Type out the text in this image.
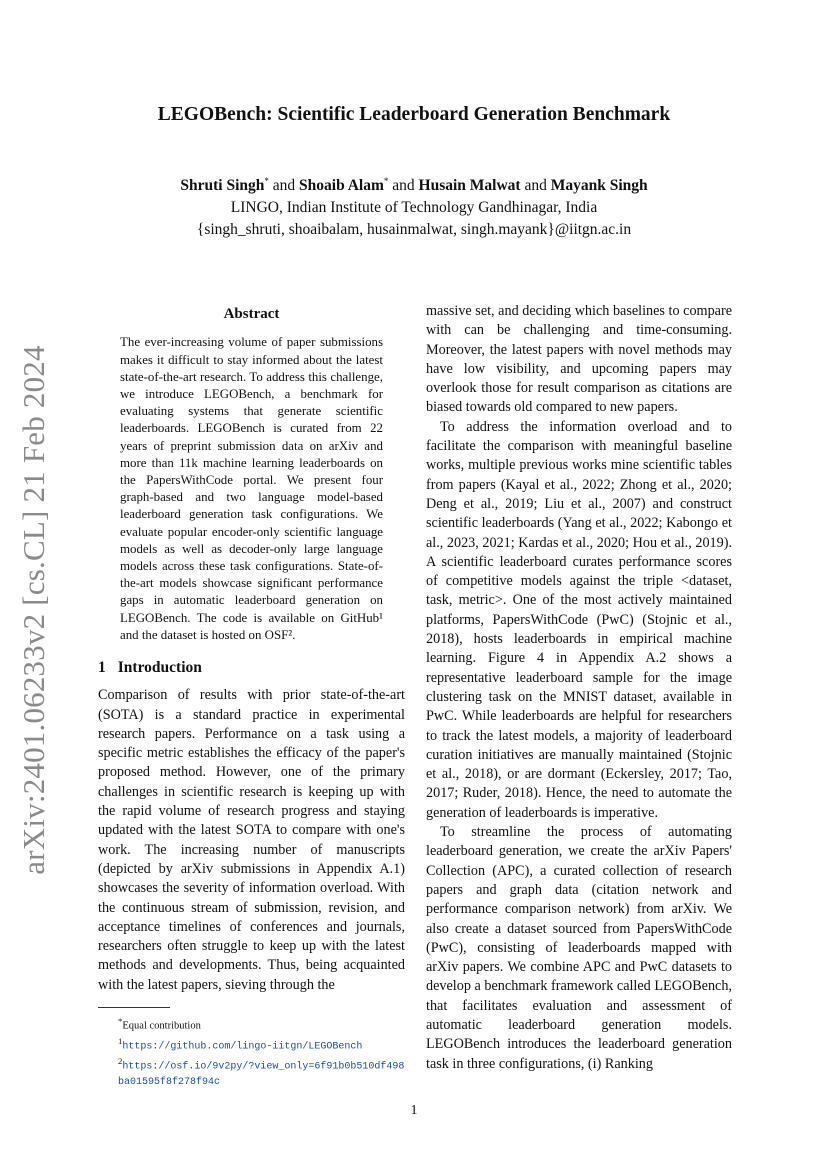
arXiv:2401.06233v2 [cs.CL] 21 Feb 2024
LEGOBench: Scientific Leaderboard Generation Benchmark
Shruti Singh* and Shoaib Alam* and Husain Malwat and Mayank Singh
LINGO, Indian Institute of Technology Gandhinagar, India
{singh_shruti, shoaibalam, husainmalwat, singh.mayank}@iitgn.ac.in
Abstract

The ever-increasing volume of paper submissions makes it difficult to stay informed about the latest state-of-the-art research. To address this challenge, we introduce LEGOBench, a benchmark for evaluating systems that generate scientific leaderboards. LEGOBench is curated from 22 years of preprint submission data on arXiv and more than 11k machine learning leaderboards on the PapersWithCode portal. We present four graph-based and two language model-based leaderboard generation task configurations. We evaluate popular encoder-only scientific language models as well as decoder-only large language models across these task configurations. State-of-the-art models showcase significant performance gaps in automatic leaderboard generation on LEGOBench. The code is available on GitHub¹ and the dataset is hosted on OSF².

1 Introduction

Comparison of results with prior state-of-the-art (SOTA) is a standard practice in experimental research papers. Performance on a task using a specific metric establishes the efficacy of the paper's proposed method. However, one of the primary challenges in scientific research is keeping up with the rapid volume of research progress and staying updated with the latest SOTA to compare with one's work. The increasing number of manuscripts (depicted by arXiv submissions in Appendix A.1) showcases the severity of information overload. With the continuous stream of submission, revision, and acceptance timelines of conferences and journals, researchers often struggle to keep up with the latest methods and developments. Thus, being acquainted with the latest papers, sieving through the

*Equal contribution
$^1$https://github.com/lingo-iitgn/LEGOBench
$^2$https://osf.io/9v2py/?view_only=6f91b0b510df498ba01595f8f278f94c

massive set, and deciding which baselines to compare with can be challenging and time-consuming. Moreover, the latest papers with novel methods may have low visibility, and upcoming papers may overlook those for result comparison as citations are biased towards old compared to new papers.

To address the information overload and to facilitate the comparison with meaningful baseline works, multiple previous works mine scientific tables from papers (Kayal et al., 2022; Zhong et al., 2020; Deng et al., 2019; Liu et al., 2007) and construct scientific leaderboards (Yang et al., 2022; Kabongo et al., 2023, 2021; Kardas et al., 2020; Hou et al., 2019). A scientific leaderboard curates performance scores of competitive models against the triple <dataset, task, metric>. One of the most actively maintained platforms, PapersWithCode (PwC) (Stojnic et al., 2018), hosts leaderboards in empirical machine learning. Figure 4 in Appendix A.2 shows a representative leaderboard sample for the image clustering task on the MNIST dataset, available in PwC. While leaderboards are helpful for researchers to track the latest models, a majority of leaderboard curation initiatives are manually maintained (Stojnic et al., 2018), or are dormant (Eckersley, 2017; Tao, 2017; Ruder, 2018). Hence, the need to automate the generation of leaderboards is imperative.

To streamline the process of automating leaderboard generation, we create the arXiv Papers' Collection (APC), a curated collection of research papers and graph data (citation network and performance comparison network) from arXiv. We also create a dataset sourced from PapersWithCode (PwC), consisting of leaderboards mapped with arXiv papers. We combine APC and PwC datasets to develop a benchmark framework called LEGOBench, that facilitates evaluation and assessment of automatic leaderboard generation models. LEGOBench introduces the leaderboard generation task in three configurations, (i) Ranking

1
